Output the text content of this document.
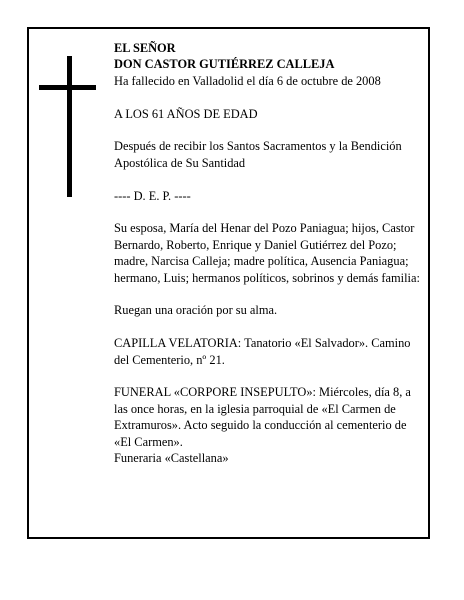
EL SEÑOR
DON CASTOR GUTIÉRREZ CALLEJA

Ha fallecido en Valladolid el día 6 de octubre de 2008

A LOS 61 AÑOS DE EDAD

Después de recibir los Santos Sacramentos y la Bendición Apostólica de Su Santidad

---- D. E. P. ----

Su esposa, María del Henar del Pozo Paniagua; hijos, Castor Bernardo, Roberto, Enrique y Daniel Gutiérrez del Pozo; madre, Narcisa Calleja; madre política, Ausencia Paniagua; hermano, Luis; hermanos políticos, sobrinos y demás familia:

Ruegan una oración por su alma.

CAPILLA VELATORIA: Tanatorio «El Salvador». Camino del Cementerio, nº 21.

FUNERAL «CORPORE INSEPULTO»: Miércoles, día 8, a las once horas, en la iglesia parroquial de «El Carmen de Extramuros». Acto seguido la conducción al cementerio de «El Carmen».

Funeraria «Castellana»
